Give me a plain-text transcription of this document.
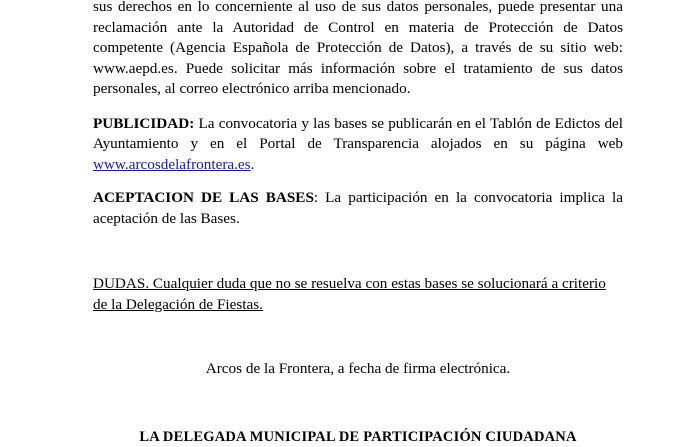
sus derechos en lo concerniente al uso de sus datos personales, puede presentar una reclamación ante la Autoridad de Control en materia de Protección de Datos competente (Agencia Española de Protección de Datos), a través de su sitio web: www.aepd.es. Puede solicitar más información sobre el tratamiento de sus datos personales, al correo electrónico arriba mencionado.

PUBLICIDAD: La convocatoria y las bases se publicarán en el Tablón de Edictos del Ayuntamiento y en el Portal de Transparencia alojados en su página web www.arcosdelafrontera.es.

ACEPTACION DE LAS BASES: La participación en la convocatoria implica la aceptación de las Bases.

DUDAS. Cualquier duda que no se resuelva con estas bases se solucionará a criterio de la Delegación de Fiestas.

Arcos de la Frontera, a fecha de firma electrónica.

LA DELEGADA MUNICIPAL DE PARTICIPACIÓN CIUDADANA
